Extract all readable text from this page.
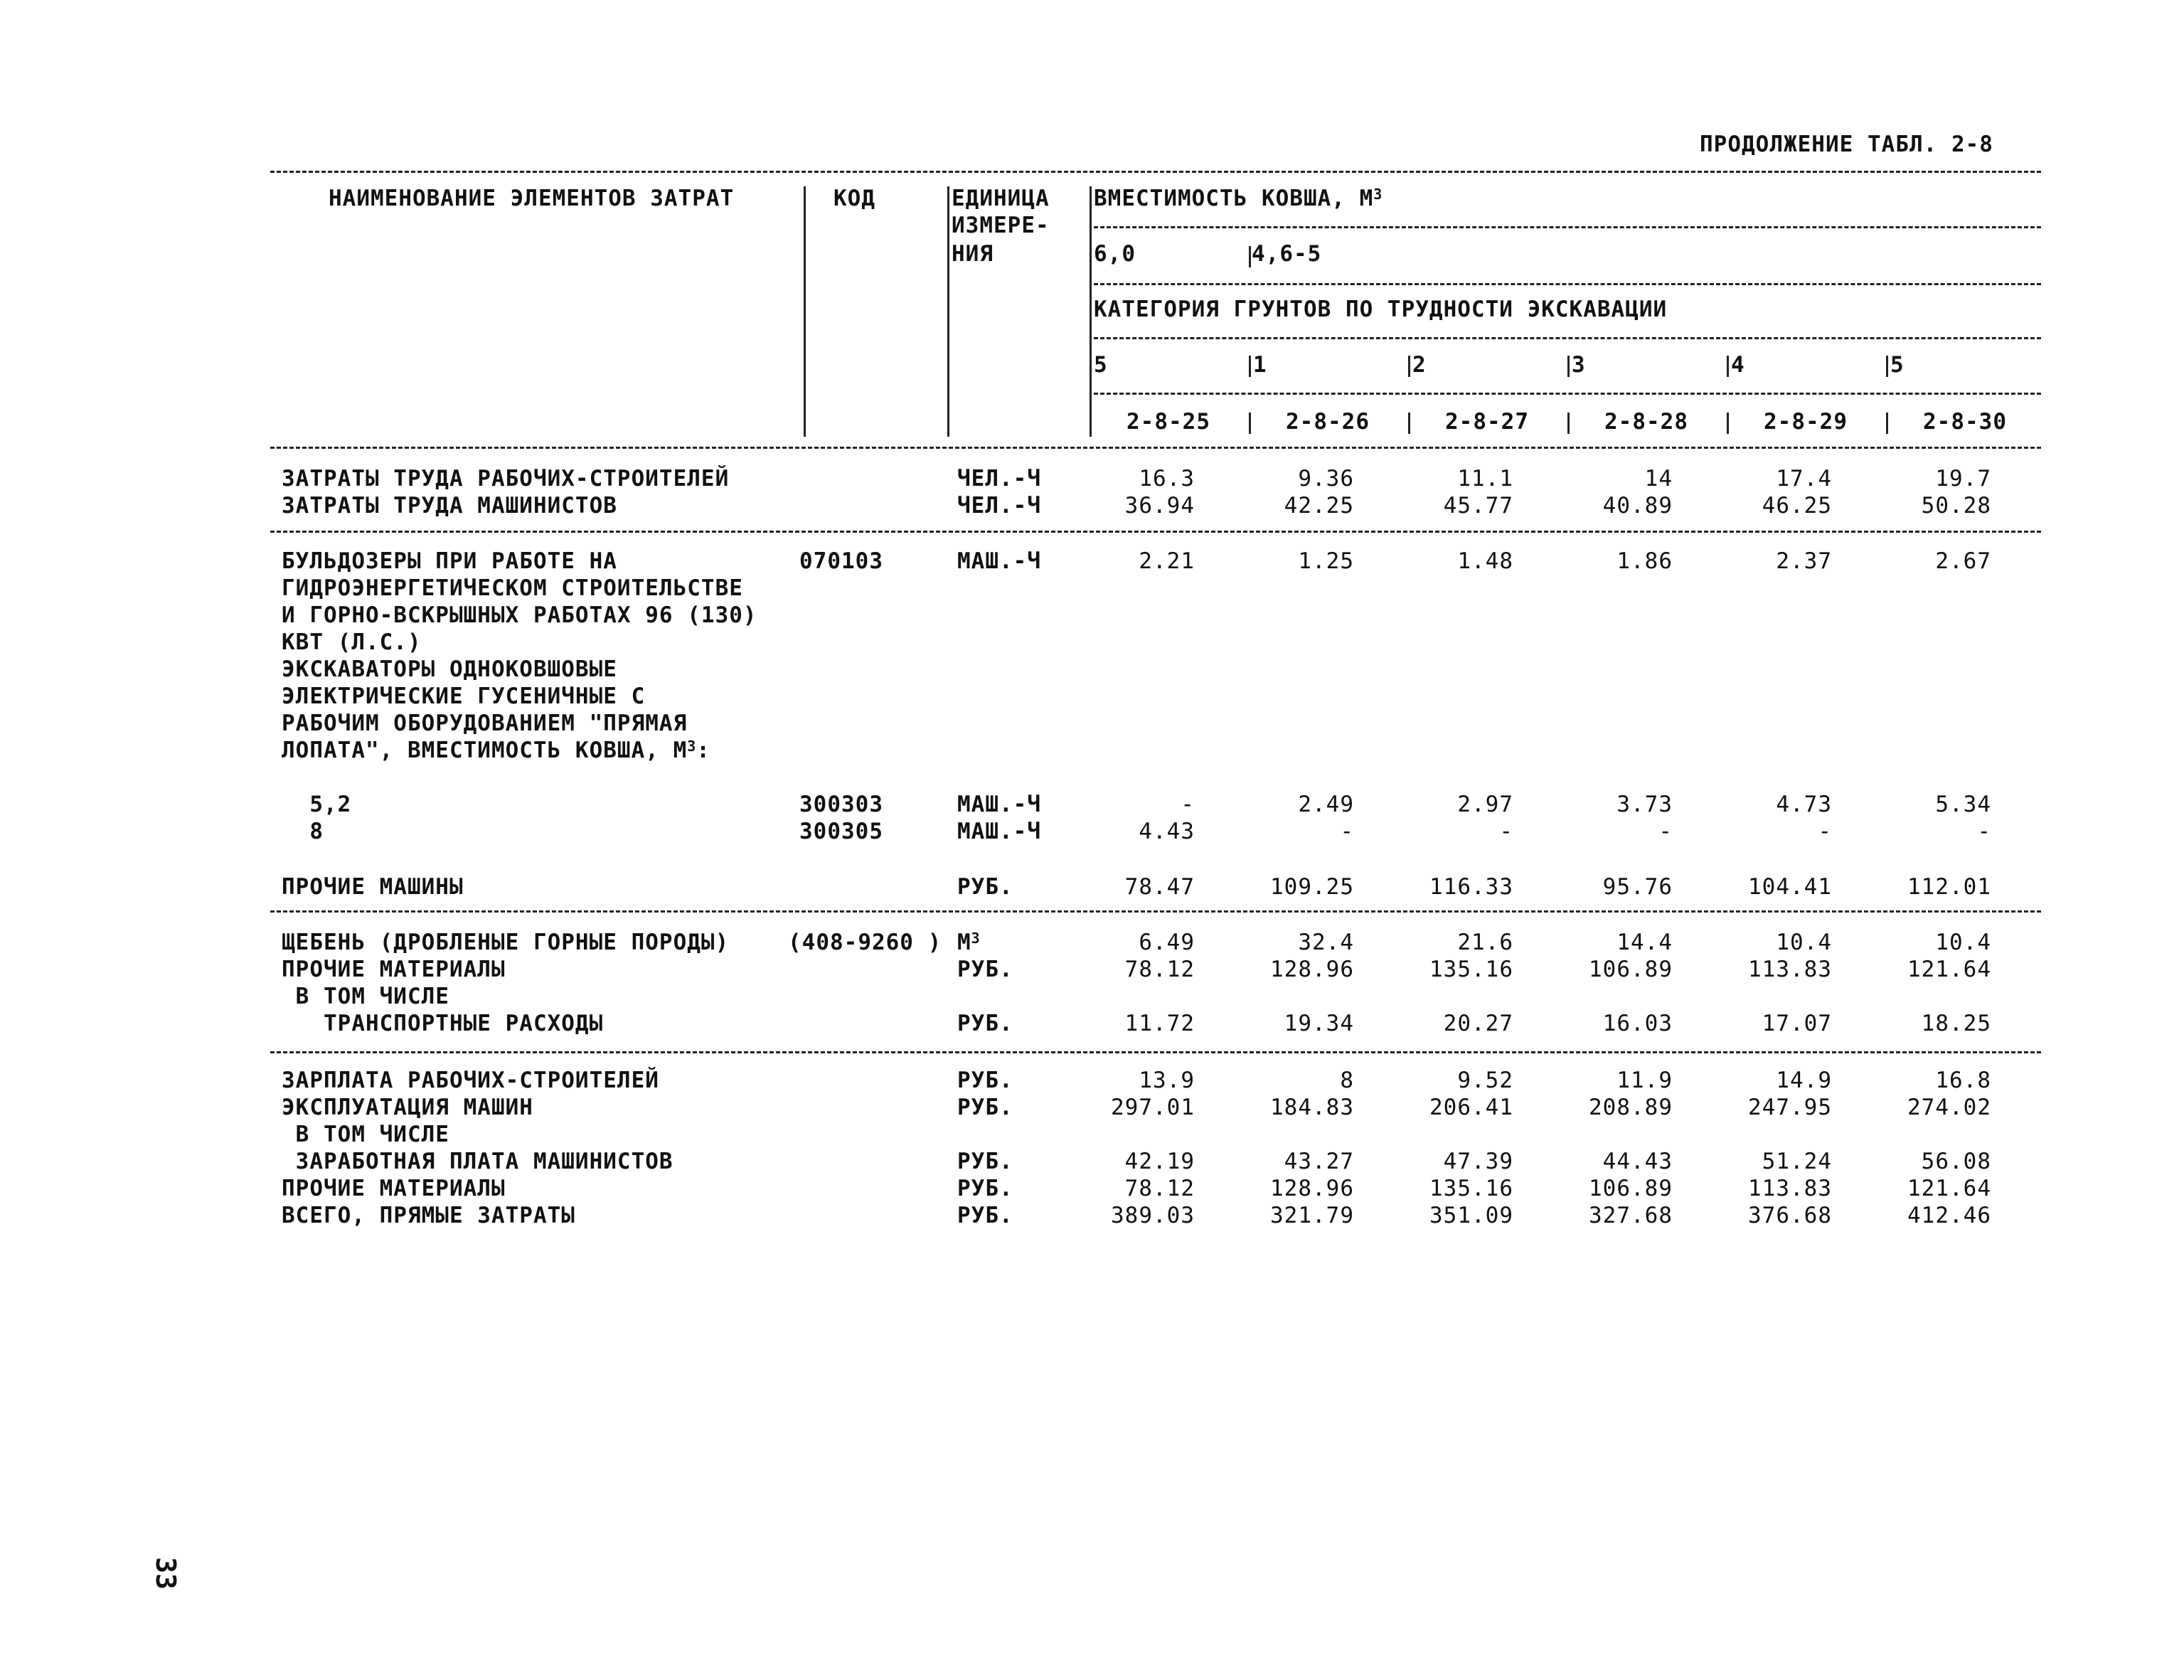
ПРОДОЛЖЕНИЕ ТАБЛ. 2-8
НАИМЕНОВАНИЕ ЭЛЕМЕНТОВ ЗАТРАТ	КОД	ЕДИНИЦА
ИЗМЕРЕ-
НИЯ
ВМЕСТИМОСТЬ КОВША, $М^3$
6,0	4,6-5
КАТЕГОРИЯ ГРУНТОВ ПО ТРУДНОСТИ ЭКСКАВАЦИИ
5	1	2	3	4	5
2-8-25	2-8-26	2-8-27	2-8-28	2-8-29	2-8-30
ЗАТРАТЫ ТРУДА РАБОЧИХ-СТРОИТЕЛЕЙ	ЧЕЛ.-Ч	16.3	9.36	11.1	14	17.4	19.7
ЗАТРАТЫ ТРУДА МАШИНИСТОВ	ЧЕЛ.-Ч	36.94	42.25	45.77	40.89	46.25	50.28
БУЛЬДОЗЕРЫ ПРИ РАБОТЕ НА	070103	МАШ.-Ч	2.21	1.25	1.48	1.86	2.37	2.67
ГИДРОЭНЕРГЕТИЧЕСКОМ СТРОИТЕЛЬСТВЕ
И ГОРНО-ВСКРЫШНЫХ РАБОТАХ 96 (130)
КВТ (Л.С.)
ЭКСКАВАТОРЫ ОДНОКОВШОВЫЕ
ЭЛЕКТРИЧЕСКИЕ ГУСЕНИЧНЫЕ С
РАБОЧИМ ОБОРУДОВАНИЕМ "ПРЯМАЯ
ЛОПАТА", ВМЕСТИМОСТЬ КОВША, $М^3$:
5,2	300303	МАШ.-Ч	-	2.49	2.97	3.73	4.73	5.34
8	300305	МАШ.-Ч	4.43	-	-	-	-	-
ПРОЧИЕ МАШИНЫ	РУБ.	78.47	109.25	116.33	95.76	104.41	112.01
ЩЕБЕНЬ (ДРОБЛЕНЫЕ ГОРНЫЕ ПОРОДЫ)	(408-9260 ) $М^3$	6.49	32.4	21.6	14.4	10.4	10.4
ПРОЧИЕ МАТЕРИАЛЫ	РУБ.	78.12	128.96	135.16	106.89	113.83	121.64
В ТОМ ЧИСЛЕ
ТРАНСПОРТНЫЕ РАСХОДЫ	РУБ.	11.72	19.34	20.27	16.03	17.07	18.25
ЗАРПЛАТА РАБОЧИХ-СТРОИТЕЛЕЙ	РУБ.	13.9	8	9.52	11.9	14.9	16.8
ЭКСПЛУАТАЦИЯ МАШИН	РУБ.	297.01	184.83	206.41	208.89	247.95	274.02
В ТОМ ЧИСЛЕ
ЗАРАБОТНАЯ ПЛАТА МАШИНИСТОВ	РУБ.	42.19	43.27	47.39	44.43	51.24	56.08
ПРОЧИЕ МАТЕРИАЛЫ	РУБ.	78.12	128.96	135.16	106.89	113.83	121.64
ВСЕГО, ПРЯМЫЕ ЗАТРАТЫ	РУБ.	389.03	321.79	351.09	327.68	376.68	412.46
33
